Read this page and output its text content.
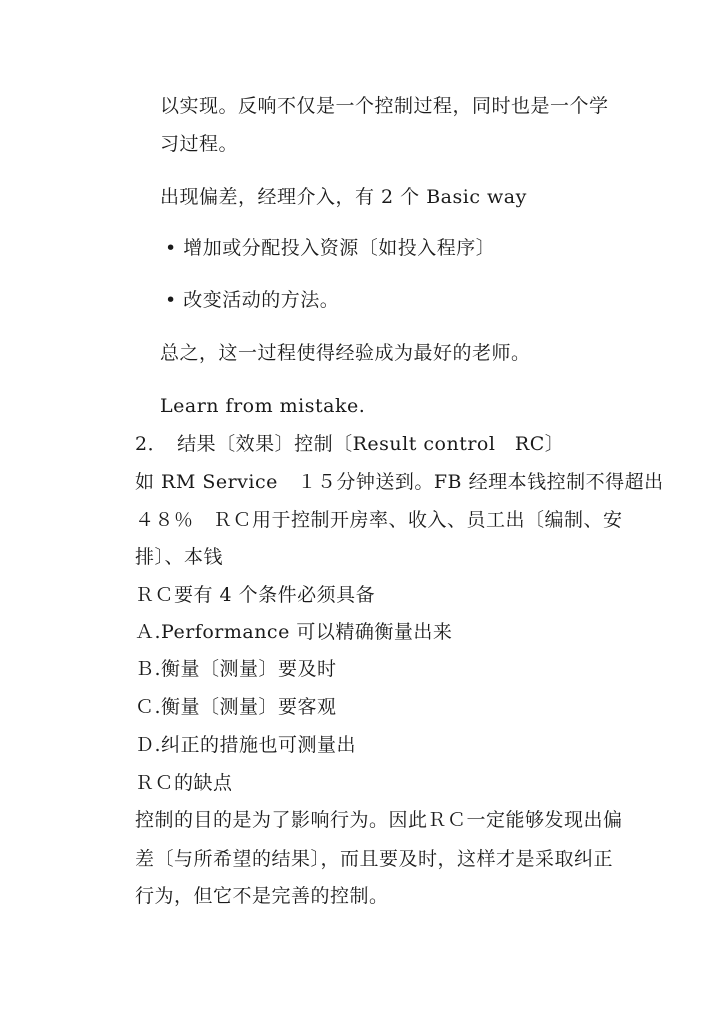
以实现。反响不仅是一个控制过程，同时也是一个学
习过程。
出现偏差，经理介入，有 2 个 Basic way
• 增加或分配投入资源〔如投入程序〕
• 改变活动的方法。
总之，这一过程使得经验成为最好的老师。
Learn from mistake.
2．　结果〔效果〕控制〔Result control　RC〕
如 RM Service　１５分钟送到。FB 经理本钱控制不得超出
４８％　ＲＣ用于控制开房率、收入、员工出〔编制、安
排〕、本钱
ＲＣ要有 4 个条件必须具备
Ａ.Performance 可以精确衡量出来
Ｂ.衡量〔测量〕要及时
Ｃ.衡量〔测量〕要客观
Ｄ.纠正的措施也可测量出
ＲＣ的缺点
控制的目的是为了影响行为。因此ＲＣ一定能够发现出偏
差〔与所希望的结果〕，而且要及时，这样才是采取纠正
行为，但它不是完善的控制。
